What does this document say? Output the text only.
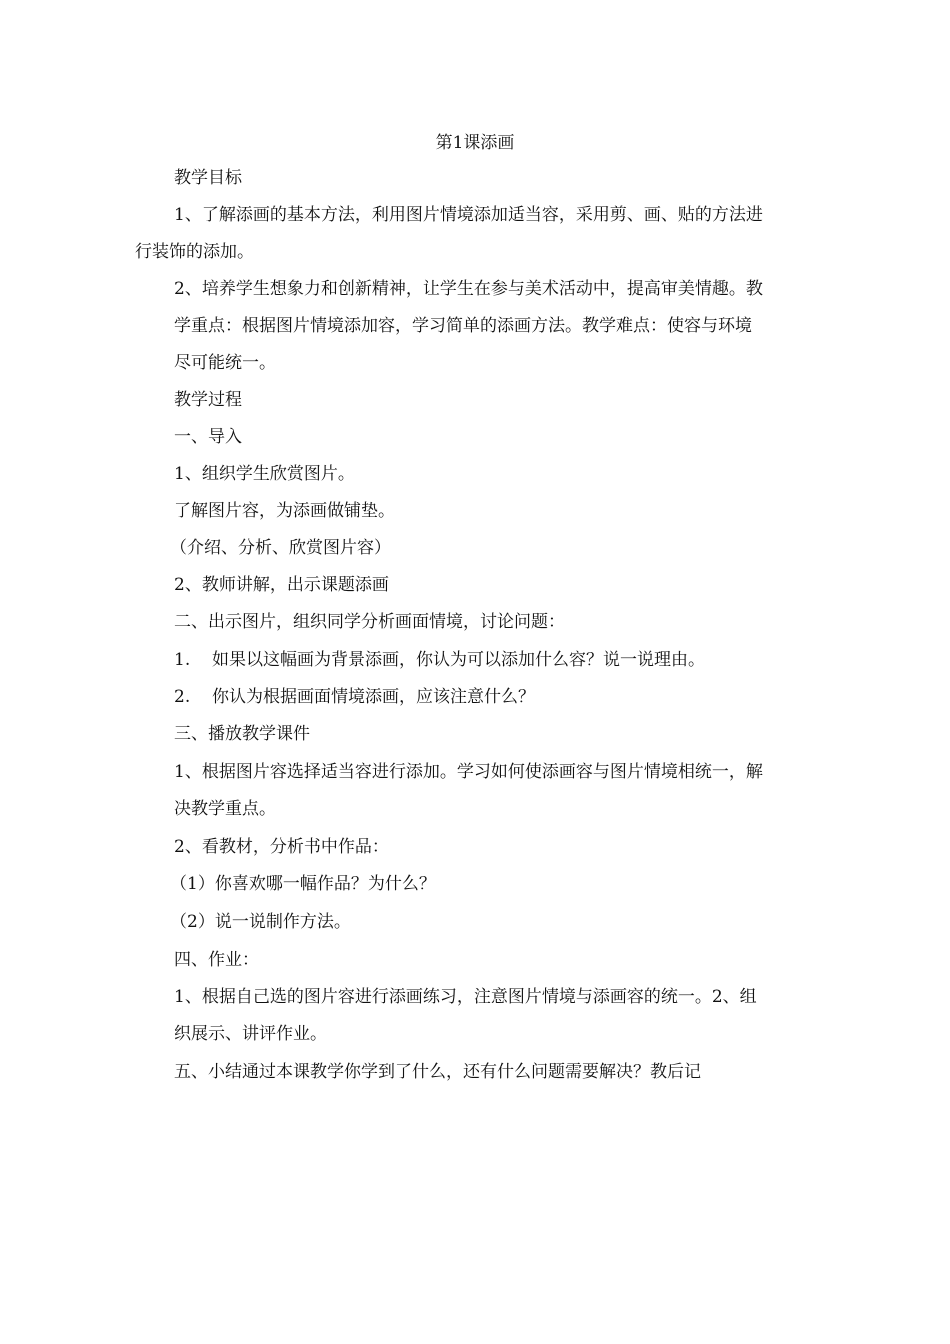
第1课添画
教学目标
1、了解添画的基本方法，利用图片情境添加适当容，采用剪、画、贴的方法进
行装饰的添加。
2、培养学生想象力和创新精神，让学生在参与美术活动中，提高审美情趣。教
学重点：根据图片情境添加容，学习简单的添画方法。教学难点：使容与环境
尽可能统一。
教学过程
一、导入
1、组织学生欣赏图片。
了解图片容，为添画做铺垫。
（介绍、分析、欣赏图片容）
2、教师讲解，出示课题添画
二、出示图片，组织同学分析画面情境，讨论问题：
1. 如果以这幅画为背景添画，你认为可以添加什么容？说一说理由。
2. 你认为根据画面情境添画，应该注意什么？
三、播放教学课件
1、根据图片容选择适当容进行添加。学习如何使添画容与图片情境相统一，解
决教学重点。
2、看教材，分析书中作品：
（1）你喜欢哪一幅作品？为什么？
（2）说一说制作方法。
四、作业：
1、根据自己选的图片容进行添画练习，注意图片情境与添画容的统一。2、组
织展示、讲评作业。
五、小结通过本课教学你学到了什么，还有什么问题需要解决？教后记
